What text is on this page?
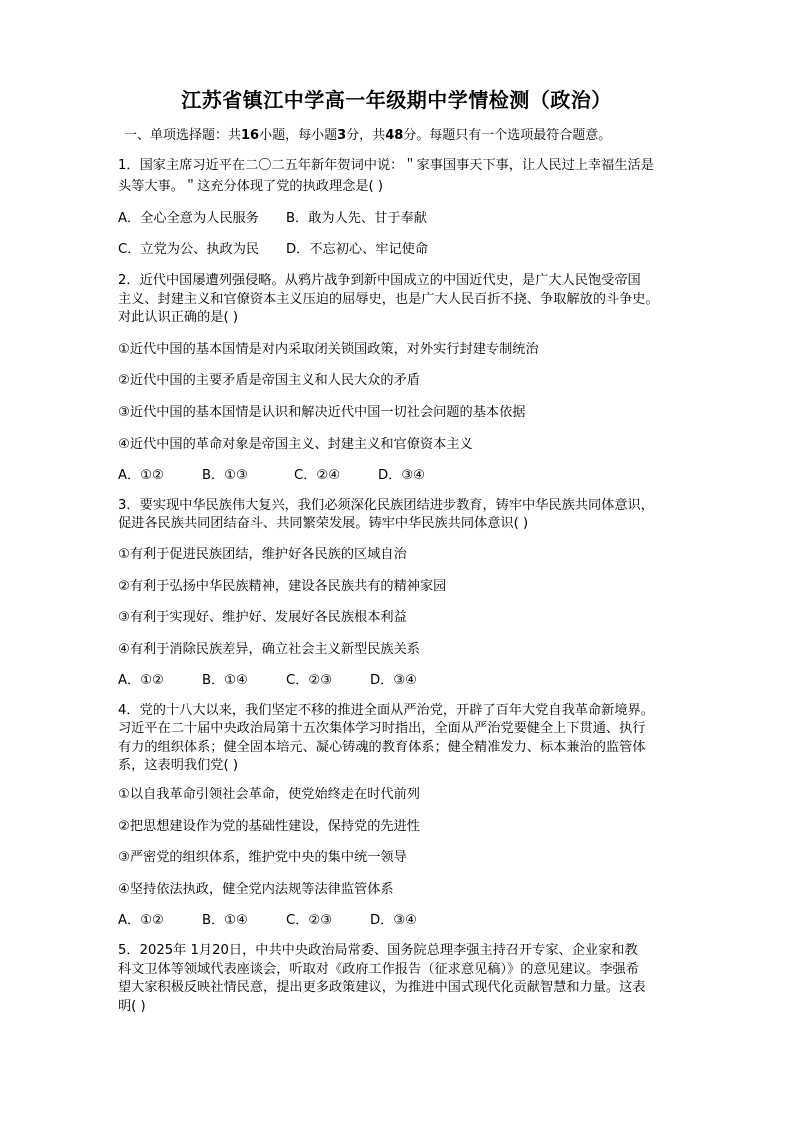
江苏省镇江中学高一年级期中学情检测（政治）
一、单项选择题：共16小题，每小题3分，共48分。每题只有一个选项最符合题意。
1．国家主席习近平在二〇二五年新年贺词中说：＂家事国事天下事，让人民过上幸福生活是
头等大事。＂这充分体现了党的执政理念是( )
A．全心全意为人民服务 B．敢为人先、甘于奉献
C．立党为公、执政为民 D．不忘初心、牢记使命
2．近代中国屡遭列强侵略。从鸦片战争到新中国成立的中国近代史，是广大人民饱受帝国
主义、封建主义和官僚资本主义压迫的屈辱史，也是广大人民百折不挠、争取解放的斗争史。
对此认识正确的是( )
①近代中国的基本国情是对内采取闭关锁国政策，对外实行封建专制统治
②近代中国的主要矛盾是帝国主义和人民大众的矛盾
③近代中国的基本国情是认识和解决近代中国一切社会问题的基本依据
④近代中国的革命对象是帝国主义、封建主义和官僚资本主义
A．①②	B．①③	C．②④	D．③④
3．要实现中华民族伟大复兴，我们必须深化民族团结进步教育，铸牢中华民族共同体意识，
促进各民族共同团结奋斗、共同繁荣发展。铸牢中华民族共同体意识( )
①有利于促进民族团结，维护好各民族的区域自治
②有利于弘扬中华民族精神，建设各民族共有的精神家园
③有利于实现好、维护好、发展好各民族根本利益
④有利于消除民族差异，确立社会主义新型民族关系
A．①②	B．①④	C．②③	D．③④
4．党的十八大以来，我们坚定不移的推进全面从严治党，开辟了百年大党自我革命新境界。
习近平在二十届中央政治局第十五次集体学习时指出，全面从严治党要健全上下贯通、执行
有力的组织体系；健全固本培元、凝心铸魂的教育体系；健全精准发力、标本兼治的监管体
系，这表明我们党( )
①以自我革命引领社会革命，使党始终走在时代前列
②把思想建设作为党的基础性建设，保持党的先进性
③严密党的组织体系，维护党中央的集中统一领导
④坚持依法执政，健全党内法规等法律监管体系
A．①②	B．①④	C．②③	D．③④
5．2025年 1月20日，中共中央政治局常委、国务院总理李强主持召开专家、企业家和教
科文卫体等领域代表座谈会，听取对《政府工作报告（征求意见稿）》的意见建议。李强希
望大家积极反映社情民意，提出更多政策建议，为推进中国式现代化贡献智慧和力量。这表
明( )
